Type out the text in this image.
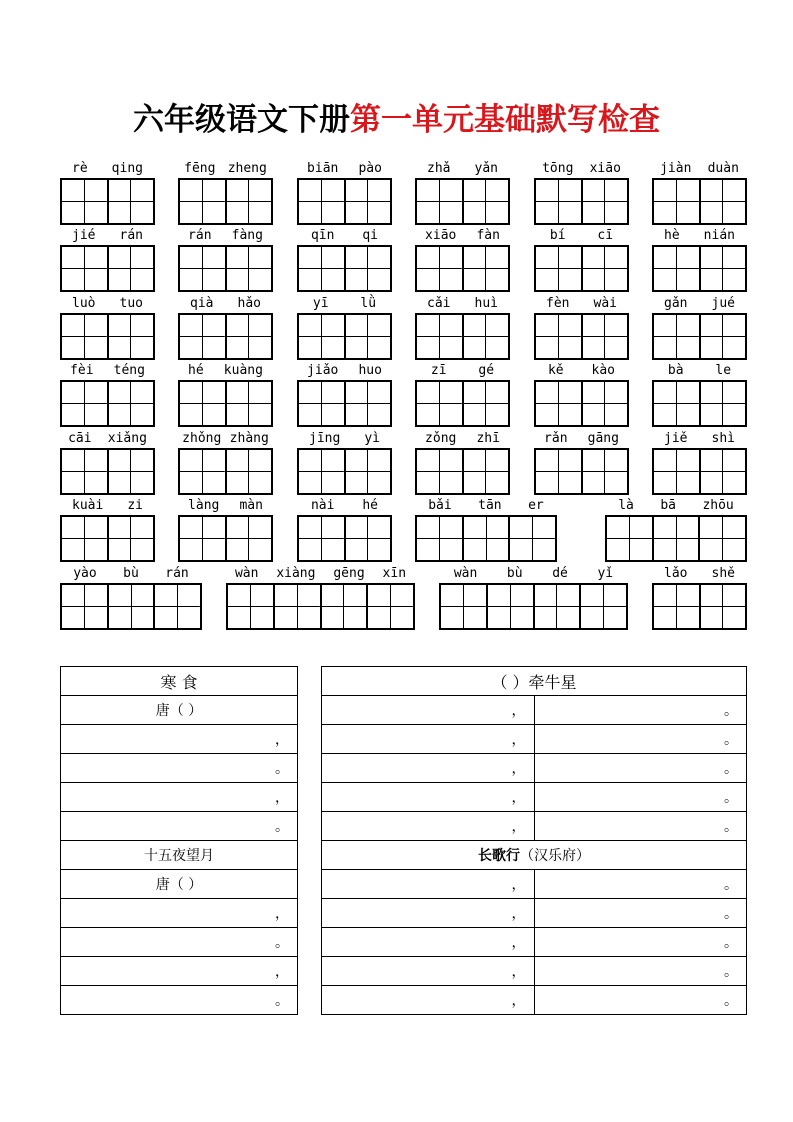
六年级语文下册第一单元基础默写检查
rè qing	fēng zheng	biān pào	zhǎ yǎn	tōng xiāo	jiàn duàn
jié rán	rán fàng	qīn qi	xiāo fàn	bí cī	hè nián
luò tuo	qià hǎo	yī lǜ	cǎi huì	fèn wài	gǎn jué
fèi téng	hé kuàng	jiǎo huo	zī gé	kě kào	bà le
cāi xiǎng	zhǒng zhàng	jīng yì	zǒng zhī	rǎn gāng	jiě shì
kuài zi	làng màn	nài hé	bǎi tān er	là bā zhōu
yào bù rán	wàn xiàng gēng xīn	wàn bù dé yǐ	lǎo shě
寒 食
唐（ ）
，
。
，
。
十五夜望月
唐（ ）
，
。
，
。
（ ）牵牛星	
，	。
，	。
，	。
，	。
，	。
长歌行（汉乐府）	
，	。
，	。
，	。
，	。
，	。
